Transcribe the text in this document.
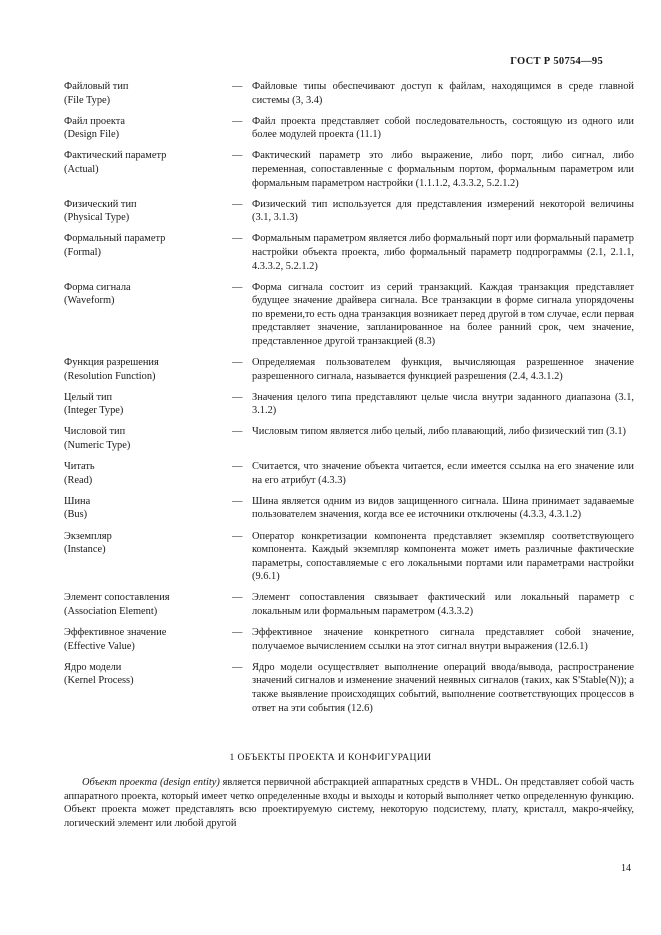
ГОСТ Р 50754—95
Файловый тип
(File Type)
— Файловые типы обеспечивают доступ к файлам, находящимся в среде главной системы (3, 3.4)
Файл проекта
(Design File)
— Файл проекта представляет собой последовательность, состоящую из одного или более модулей проекта (11.1)
Фактический параметр
(Actual)
— Фактический параметр это либо выражение, либо порт, либо сигнал, либо переменная, сопоставленные с формальным портом, формальным параметром или формальным параметром настройки (1.1.1.2, 4.3.3.2, 5.2.1.2)
Физический тип
(Physical Type)
— Физический тип используется для представления измерений некоторой величины (3.1, 3.1.3)
Формальный параметр
(Formal)
— Формальным параметром является либо формальный порт или формальный параметр настройки объекта проекта, либо формальный параметр подпрограммы (2.1, 2.1.1, 4.3.3.2, 5.2.1.2)
Форма сигнала
(Waveform)
— Форма сигнала состоит из серий транзакций. Каждая транзакция представляет будущее значение драйвера сигнала. Все транзакции в форме сигнала упорядочены по времени,то есть одна транзакция возникает перед другой в том случае, если первая представляет значение, запланированное на более ранний срок, чем значение, представленное другой транзакцией (8.3)
Функция разрешения
(Resolution Function)
— Определяемая пользователем функция, вычисляющая разрешенное значение разрешенного сигнала, называется функцией разрешения (2.4, 4.3.1.2)
Целый тип
(Integer Type)
— Значения целого типа представляют целые числа внутри заданного диапазона (3.1, 3.1.2)
Числовой тип
(Numeric Type)
— Числовым типом является либо целый, либо плавающий, либо физический тип (3.1)
Читать
(Read)
— Считается, что значение объекта читается, если имеется ссылка на его значение или на его атрибут (4.3.3)
Шина
(Bus)
— Шина является одним из видов защищенного сигнала. Шина принимает задаваемые пользователем значения, когда все ее источники отключены (4.3.3, 4.3.1.2)
Экземпляр
(Instance)
— Оператор конкретизации компонента представляет экземпляр соответствующего компонента. Каждый экземпляр компонента может иметь различные фактические параметры, сопоставляемые с его локальными портами или параметрами настройки (9.6.1)
Элемент сопоставления
(Association Element)
— Элемент сопоставления связывает фактический или локальный параметр с локальным или формальным параметром (4.3.3.2)
Эффективное значение
(Effective Value)
— Эффективное значение конкретного сигнала представляет собой значение, получаемое вычислением ссылки на этот сигнал внутри выражения (12.6.1)
Ядро модели
(Kernel Process)
— Ядро модели осуществляет выполнение операций ввода/вывода, распространение значений сигналов и изменение значений неявных сигналов (таких, как S'Stable(N)); а также выявление происходящих событий, выполнение соответствующих процессов в ответ на эти события (12.6)
1 ОБЪЕКТЫ ПРОЕКТА И КОНФИГУРАЦИИ
Объект проекта (design entity) является первичной абстракцией аппаратных средств в VHDL. Он представляет собой часть аппаратного проекта, который имеет четко определенные входы и выходы и который выполняет четко определенную функцию. Объект проекта может представлять всю проектируемую систему, некоторую подсистему, плату, кристалл, макро-ячейку, логический элемент или любой другой
14
